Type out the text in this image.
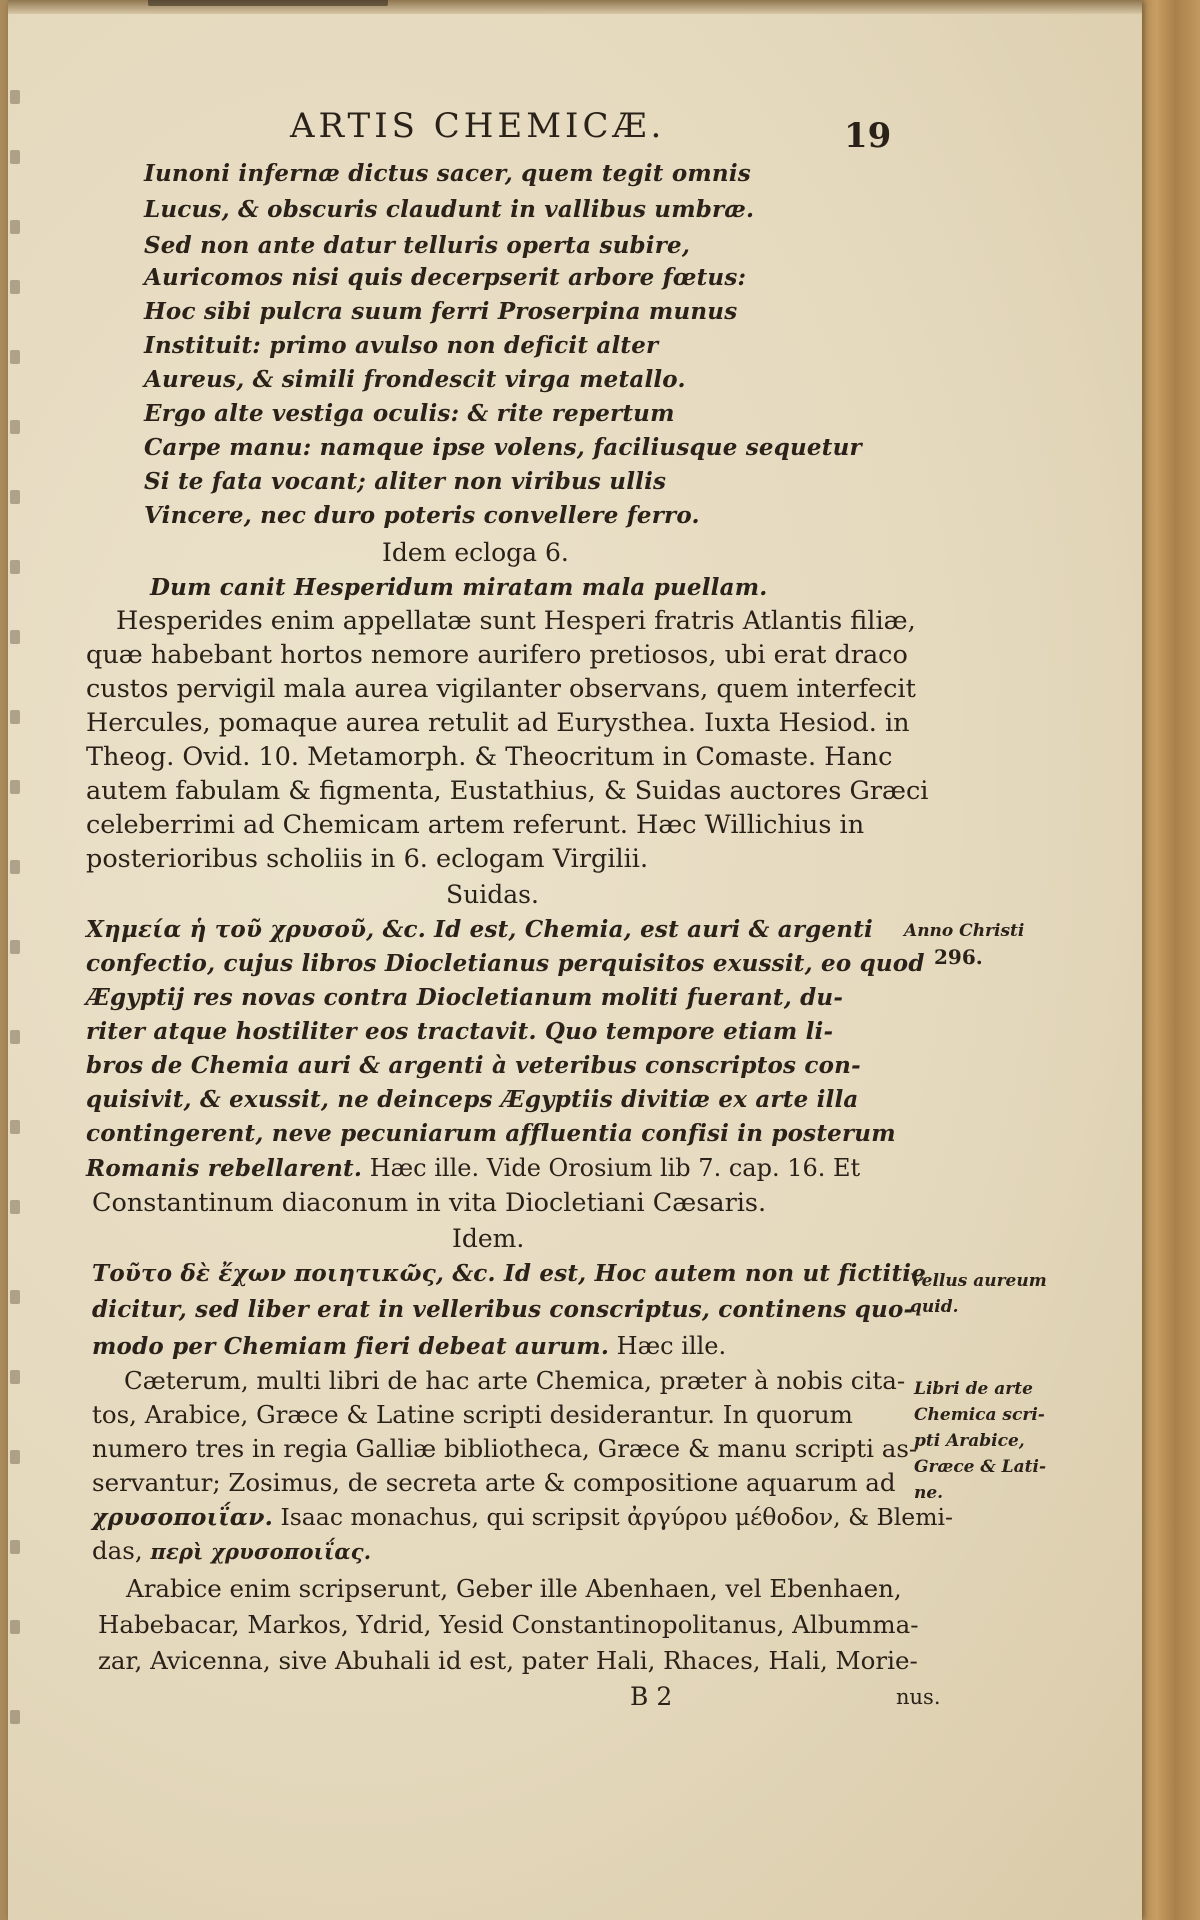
ARTIS CHEMICÆ.	19
Iunoni infernæ dictus sacer, quem tegit omnis
Lucus, & obscuris claudunt in vallibus umbræ.
Sed non ante datur telluris operta subire,
Auricomos nisi quis decerpserit arbore fœtus:
Hoc sibi pulcra suum ferri Proserpina munus
Instituit: primo avulso non deficit alter
Aureus, & simili frondescit virga metallo.
Ergo alte vestiga oculis: & rite repertum
Carpe manu: namque ipse volens, faciliusque sequetur
Si te fata vocant; aliter non viribus ullis
Vincere, nec duro poteris convellere ferro.
Idem ecloga 6.
Dum canit Hesperidum miratam mala puellam.
Hesperides enim appellatæ sunt Hesperi fratris Atlantis filiæ,
quæ habebant hortos nemore aurifero pretiosos, ubi erat draco
custos pervigil mala aurea vigilanter observans, quem interfecit
Hercules, pomaque aurea retulit ad Eurysthea. Iuxta Hesiod. in
Theog. Ovid. 10. Metamorph. & Theocritum in Comaste. Hanc
autem fabulam & figmenta, Eustathius, & Suidas auctores Græci
celeberrimi ad Chemicam artem referunt. Hæc Willichius in
posterioribus scholiis in 6. eclogam Virgilii.
Suidas.
Χημεία ἡ τοῦ χρυσοῦ, &c. Id est, Chemia, est auri & argenti
confectio, cujus libros Diocletianus perquisitos exussit, eo quod
Ægyptij res novas contra Diocletianum moliti fuerant, du-
riter atque hostiliter eos tractavit. Quo tempore etiam li-
bros de Chemia auri & argenti à veteribus conscriptos con-
quisivit, & exussit, ne deinceps Ægyptiis divitiæ ex arte illa
contingerent, neve pecuniarum affluentia confisi in posterum
Romanis rebellarent. Hæc ille. Vide Orosium lib 7. cap. 16. Et
Constantinum diaconum in vita Diocletiani Cæsaris.
Anno Christi
296.
Idem.
Τοῦτο δὲ ἔχων ποιητικῶς, &c. Id est, Hoc autem non ut fictitie
dicitur, sed liber erat in velleribus conscriptus, continens quo-
modo per Chemiam fieri debeat aurum. Hæc ille.
Vellus aureum
quid.
Cæterum, multi libri de hac arte Chemica, præter à nobis cita-
tos, Arabice, Græce & Latine scripti desiderantur. In quorum
numero tres in regia Galliæ bibliotheca, Græce & manu scripti as-
servantur; Zosimus, de secreta arte & compositione aquarum ad
χρυσοποιΐαν. Isaac monachus, qui scripsit ἀργύρου μέθοδον, & Blemi-
das, περὶ χρυσοποιΐας.
Libri de arte
Chemica scri-
pti Arabice,
Græce & Lati-
ne.
Arabice enim scripserunt, Geber ille Abenhaen, vel Ebenhaen,
Habebacar, Markos, Ydrid, Yesid Constantinopolitanus, Albumma-
zar, Avicenna, sive Abuhali id est, pater Hali, Rhaces, Hali, Morie-
B 2	nus.
